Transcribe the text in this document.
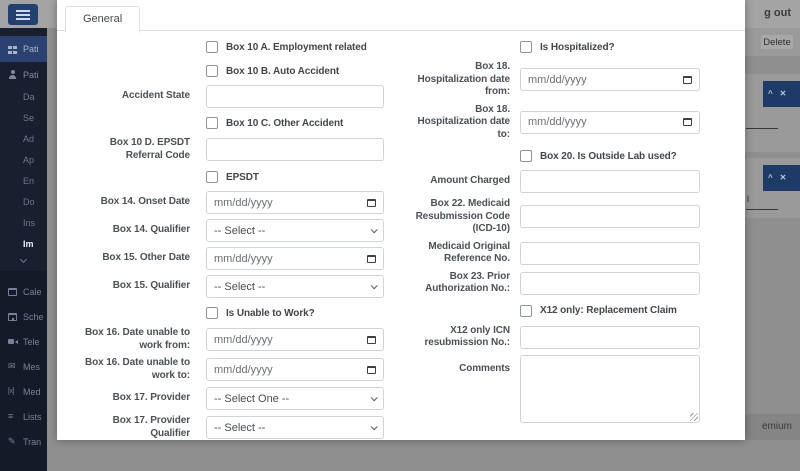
g out
Pati
Pati
Da
Se
Ad
Ap
En
Do
Ins
Im
Cale
Sche
Tele
✉ Mes
[x]	Med
≡	Lists
✎ Tran
Delete
^ ✕
^ ✕
l
emium
General
Box 10 A. Employment related
Box 10 B. Auto Accident
Accident State
Box 10 C. Other Accident
Box 10 D. EPSDT Referral Code
EPSDT
Box 14. Onset Date mm/dd/yyyy
Box 14. Qualifier -- Select --
Box 15. Other Date mm/dd/yyyy
Box 15. Qualifier -- Select --
Is Unable to Work?
Box 16. Date unable to work from: mm/dd/yyyy
Box 16. Date unable to work to: mm/dd/yyyy
Box 17. Provider -- Select One --
Box 17. Provider Qualifier -- Select --
Is Hospitalized?
Box 18. Hospitalization date from:
mm/dd/yyyy
Box 18. Hospitalization date to:
mm/dd/yyyy
Box 20. Is Outside Lab used?
Amount Charged
Box 22. Medicaid Resubmission Code (ICD-10)
Medicaid Original Reference No.
Box 23. Prior Authorization No.:
X12 only: Replacement Claim
X12 only ICN resubmission No.:
Comments
